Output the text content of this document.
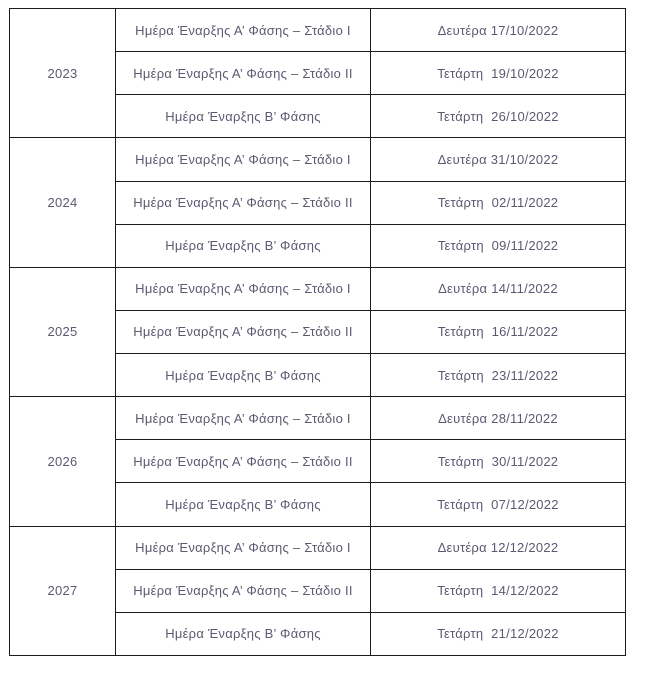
2023	Ημέρα Έναρξης Α’ Φάσης – Στάδιο I	Δευτέρα 17/10/2022
	Ημέρα Έναρξης Α’ Φάσης – Στάδιο II	Τετάρτη  19/10/2022
	Ημέρα Έναρξης Β’ Φάσης	Τετάρτη  26/10/2022
2024	Ημέρα Έναρξης Α’ Φάσης – Στάδιο I	Δευτέρα 31/10/2022
	Ημέρα Έναρξης Α’ Φάσης – Στάδιο II	Τετάρτη  02/11/2022
	Ημέρα Έναρξης Β’ Φάσης	Τετάρτη  09/11/2022
2025	Ημέρα Έναρξης Α’ Φάσης – Στάδιο I	Δευτέρα 14/11/2022
	Ημέρα Έναρξης Α’ Φάσης – Στάδιο II	Τετάρτη  16/11/2022
	Ημέρα Έναρξης Β’ Φάσης	Τετάρτη  23/11/2022
2026	Ημέρα Έναρξης Α’ Φάσης – Στάδιο I	Δευτέρα 28/11/2022
	Ημέρα Έναρξης Α’ Φάσης – Στάδιο II	Τετάρτη  30/11/2022
	Ημέρα Έναρξης Β’ Φάσης	Τετάρτη  07/12/2022
2027	Ημέρα Έναρξης Α’ Φάσης – Στάδιο I	Δευτέρα 12/12/2022
	Ημέρα Έναρξης Α’ Φάσης – Στάδιο II	Τετάρτη  14/12/2022
	Ημέρα Έναρξης Β’ Φάσης	Τετάρτη  21/12/2022
